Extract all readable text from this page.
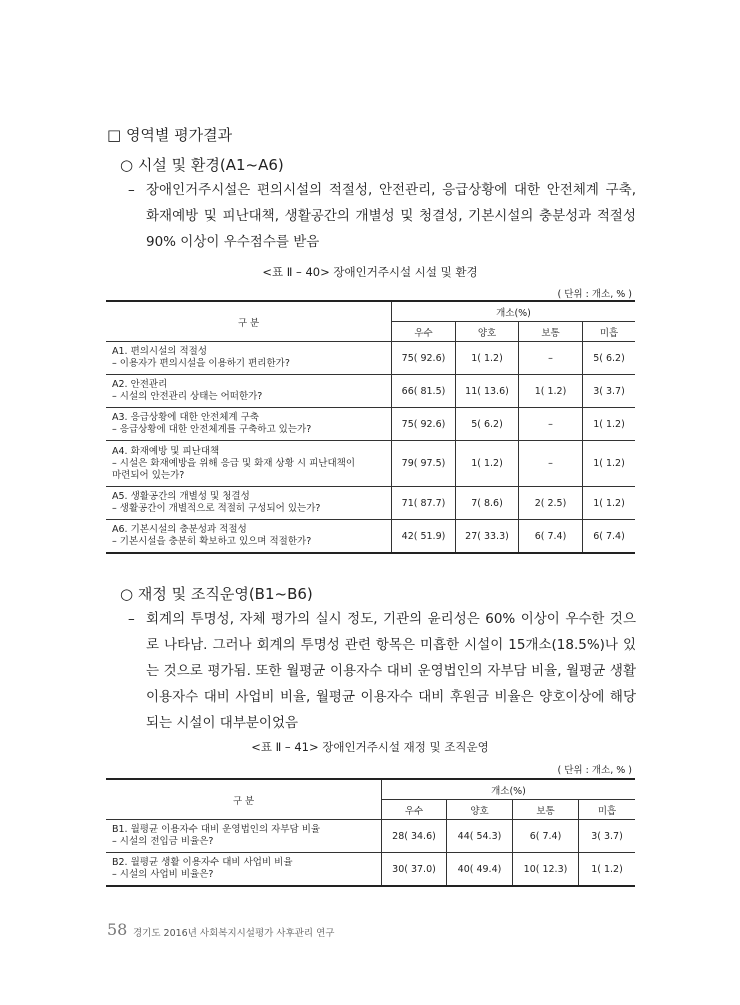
□ 영역별 평가결과
○ 시설 및 환경(A1~A6)
– 장애인거주시설은 편의시설의 적절성, 안전관리, 응급상황에 대한 안전체계 구축, 화재예방 및 피난대책, 생활공간의 개별성 및 청결성, 기본시설의 충분성과 적절성 90% 이상이 우수점수를 받음
<표 Ⅱ – 40> 장애인거주시설 시설 및 환경
( 단위 : 개소, % )
구 분	개소(%)			
	우수	양호	보통	미흡

A1. 편의시설의 적절성
– 이용자가 편의시설을 이용하기 편리한가?	75( 92.6)	1( 1.2)	–	5( 6.2)

A2. 안전관리
– 시설의 안전관리 상태는 어떠한가?	66( 81.5)	11( 13.6)	1( 1.2)	3( 3.7)

A3. 응급상황에 대한 안전체계 구축
– 응급상황에 대한 안전체계를 구축하고 있는가?	75( 92.6)	5( 6.2)	–	1( 1.2)

A4. 화재예방 및 피난대책
– 시설은 화재예방을 위해 응급 및 화재 상황 시 피난대책이
마련되어 있는가?	79( 97.5)	1( 1.2)	–	1( 1.2)

A5. 생활공간의 개별성 및 청결성
– 생활공간이 개별적으로 적절히 구성되어 있는가?	71( 87.7)	7( 8.6)	2( 2.5)	1( 1.2)

A6. 기본시설의 충분성과 적절성
– 기본시설을 충분히 확보하고 있으며 적절한가?	42( 51.9)	27( 33.3)	6( 7.4)	6( 7.4)
○ 재정 및 조직운영(B1~B6)
– 회계의 투명성, 자체 평가의 실시 정도, 기관의 윤리성은 60% 이상이 우수한 것으로 나타남. 그러나 회계의 투명성 관련 항목은 미흡한 시설이 15개소(18.5%)나 있는 것으로 평가됨. 또한 월평균 이용자수 대비 운영법인의 자부담 비율, 월평균 생활 이용자수 대비 사업비 비율, 월평균 이용자수 대비 후원금 비율은 양호이상에 해당되는 시설이 대부분이었음
<표 Ⅱ – 41> 장애인거주시설 재정 및 조직운영
( 단위 : 개소, % )
구 분	개소(%)			
	우수	양호	보통	미흡

B1. 월평균 이용자수 대비 운영법인의 자부담 비율
– 시설의 전입금 비율은?	28( 34.6)	44( 54.3)	6( 7.4)	3( 3.7)

B2. 월평균 생활 이용자수 대비 사업비 비율
– 시설의 사업비 비율은?	30( 37.0)	40( 49.4)	10( 12.3)	1( 1.2)
58 경기도 2016년 사회복지시설평가 사후관리 연구
